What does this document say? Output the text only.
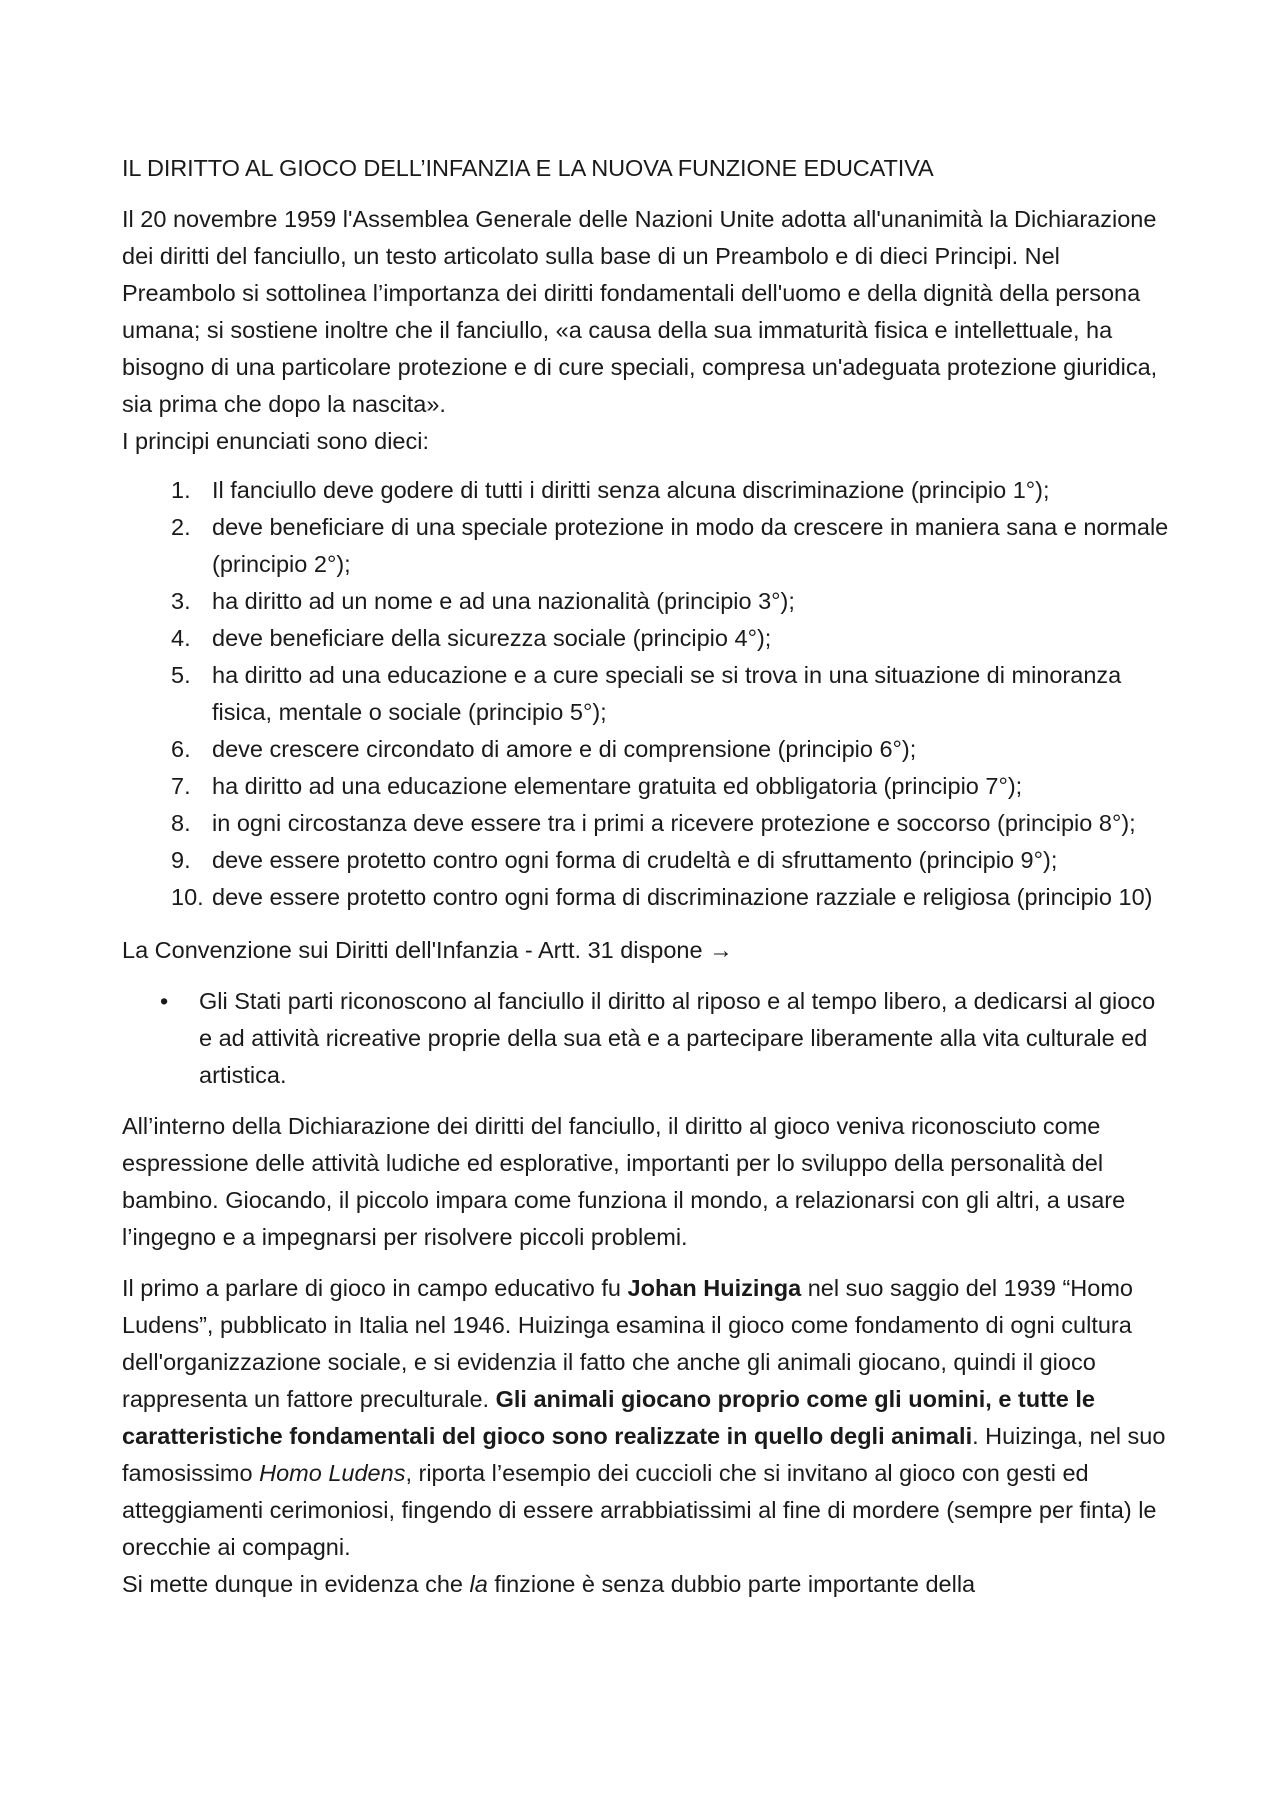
IL DIRITTO AL GIOCO DELL’INFANZIA E LA NUOVA FUNZIONE EDUCATIVA

Il 20 novembre 1959 l'Assemblea Generale delle Nazioni Unite adotta all'unanimità la Dichiarazione dei diritti del fanciullo, un testo articolato sulla base di un Preambolo e di dieci Principi. Nel Preambolo si sottolinea l’importanza dei diritti fondamentali dell'uomo e della dignità della persona umana; si sostiene inoltre che il fanciullo, «a causa della sua immaturità fisica e intellettuale, ha bisogno di una particolare protezione e di cure speciali, compresa un'adeguata protezione giuridica, sia prima che dopo la nascita».

I principi enunciati sono dieci:

1. Il fanciullo deve godere di tutti i diritti senza alcuna discriminazione (principio 1°);
2. deve beneficiare di una speciale protezione in modo da crescere in maniera sana e normale (principio 2°);
3. ha diritto ad un nome e ad una nazionalità (principio 3°);
4. deve beneficiare della sicurezza sociale (principio 4°);
5. ha diritto ad una educazione e a cure speciali se si trova in una situazione di minoranza fisica, mentale o sociale (principio 5°);
6. deve crescere circondato di amore e di comprensione (principio 6°);
7. ha diritto ad una educazione elementare gratuita ed obbligatoria (principio 7°);
8. in ogni circostanza deve essere tra i primi a ricevere protezione e soccorso (principio 8°);
9. deve essere protetto contro ogni forma di crudeltà e di sfruttamento (principio 9°);
10. deve essere protetto contro ogni forma di discriminazione razziale e religiosa (principio 10)

La Convenzione sui Diritti dell'Infanzia - Artt. 31 dispone →

• Gli Stati parti riconoscono al fanciullo il diritto al riposo e al tempo libero, a dedicarsi al gioco e ad attività ricreative proprie della sua età e a partecipare liberamente alla vita culturale ed artistica.

All’interno della Dichiarazione dei diritti del fanciullo, il diritto al gioco veniva riconosciuto come espressione delle attività ludiche ed esplorative, importanti per lo sviluppo della personalità del bambino. Giocando, il piccolo impara come funziona il mondo, a relazionarsi con gli altri, a usare l’ingegno e a impegnarsi per risolvere piccoli problemi.

Il primo a parlare di gioco in campo educativo fu Johan Huizinga nel suo saggio del 1939 “Homo Ludens”, pubblicato in Italia nel 1946. Huizinga esamina il gioco come fondamento di ogni cultura dell'organizzazione sociale, e si evidenzia il fatto che anche gli animali giocano, quindi il gioco rappresenta un fattore preculturale. Gli animali giocano proprio come gli uomini, e tutte le caratteristiche fondamentali del gioco sono realizzate in quello degli animali. Huizinga, nel suo famosissimo Homo Ludens, riporta l’esempio dei cuccioli che si invitano al gioco con gesti ed atteggiamenti cerimoniosi, fingendo di essere arrabbiatissimi al fine di mordere (sempre per finta) le orecchie ai compagni.

Si mette dunque in evidenza che la finzione è senza dubbio parte importante della
